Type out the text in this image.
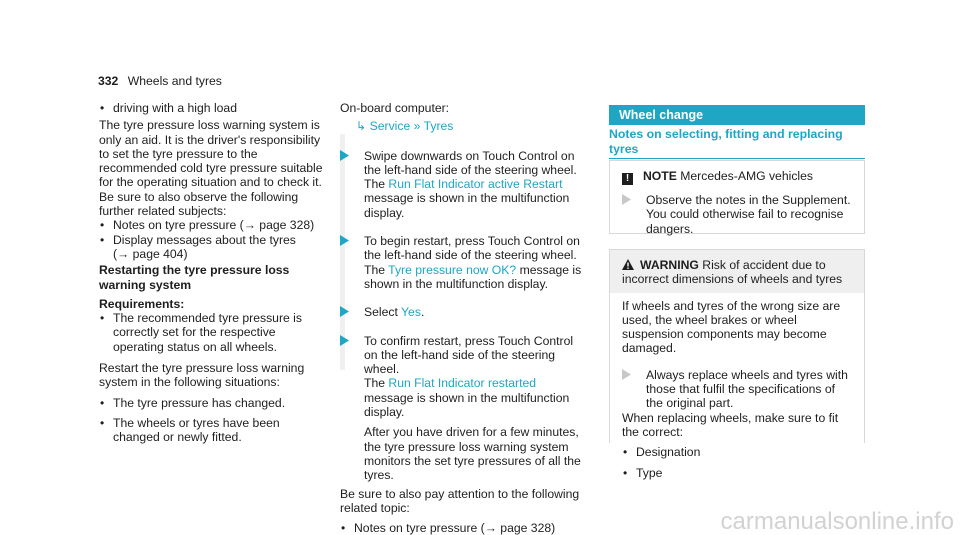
332 Wheels and tyres

• driving with a high load

The tyre pressure loss warning system is only an aid. It is the driver's responsibility to set the tyre pressure to the recommended cold tyre pressure suitable for the operating situation and to check it.

Be sure to also observe the following further related subjects:

• Notes on tyre pressure (→ page 328)

• Display messages about the tyres

(→ page 404)

Restarting the tyre pressure loss warning system

Requirements:

• The recommended tyre pressure is correctly set for the respective operating status on all wheels.

Restart the tyre pressure loss warning system in the following situations:

• The tyre pressure has changed.

• The wheels or tyres have been changed or newly fitted.

On-board computer:

↳ Service » Tyres

Swipe downwards on Touch Control on the left-hand side of the steering wheel.

The Run Flat Indicator active Restart message is shown in the multifunction display.

To begin restart, press Touch Control on the left-hand side of the steering wheel.

The Tyre pressure now OK? message is shown in the multifunction display.

Select Yes.

To confirm restart, press Touch Control on the left-hand side of the steering wheel.

The Run Flat Indicator restarted message is shown in the multifunction display.

After you have driven for a few minutes, the tyre pressure loss warning system monitors the set tyre pressures of all the tyres.

Be sure to also pay attention to the following related topic:

• Notes on tyre pressure (→ page 328)

Wheel change
Notes on selecting, fitting and replacing tyres
! NOTE Mercedes-AMG vehicles

Observe the notes in the Supplement. You could otherwise fail to recognise dangers.

WARNING Risk of accident due to incorrect dimensions of wheels and tyres

If wheels and tyres of the wrong size are used, the wheel brakes or wheel suspension components may become damaged.

Always replace wheels and tyres with those that fulfil the specifications of the original part.

When replacing wheels, make sure to fit the correct:

• Designation

• Type

carmanualsonline.info
